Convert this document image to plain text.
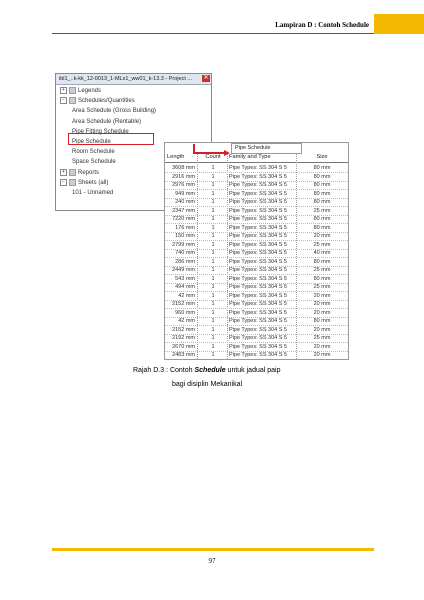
Lampiran D : Contoh Schedule
ibl1_..k-kk_12-0013_1-MLs1_ww01_k-13.3 - Project ... ✕
+ Legends
− Schedules/Quantities
Area Schedule (Gross Building)
Area Schedule (Rentable)
Pipe Fitting Schedule
Pipe Schedule
Room Schedule
Space Schedule
+ Reports
− Sheets (all)
101 - Unnamed
Length	Count	Family and Type	Size
3608 mm	1	Pipe Types: SS 304 S 5	80 mm
2916 mm	1	Pipe Types: SS 304 S 5	80 mm
2976 mm	1	Pipe Types: SS 304 S 5	80 mm
949 mm	1	Pipe Types: SS 304 S 5	80 mm
240 mm	1	Pipe Types: SS 304 S 5	80 mm
2347 mm	1	Pipe Types: SS 304 S 5	25 mm
7220 mm	1	Pipe Types: SS 304 S 5	80 mm
176 mm	1	Pipe Types: SS 304 S 5	80 mm
150 mm	1	Pipe Types: SS 304 S 5	20 mm
2799 mm	1	Pipe Types: SS 304 S 5	25 mm
740 mm	1	Pipe Types: SS 304 S 5	40 mm
286 mm	1	Pipe Types: SS 304 S 5	80 mm
2449 mm	1	Pipe Types: SS 304 S 5	25 mm
543 mm	1	Pipe Types: SS 304 S 5	80 mm
494 mm	1	Pipe Types: SS 304 S 5	25 mm
42 mm	1	Pipe Types: SS 304 S 5	20 mm
2152 mm	1	Pipe Types: SS 304 S 5	20 mm
960 mm	1	Pipe Types: SS 304 S 5	20 mm
42 mm	1	Pipe Types: SS 304 S 5	80 mm
2152 mm	1	Pipe Types: SS 304 S 5	20 mm
2192 mm	1	Pipe Types: SS 304 S 5	25 mm
2670 mm	1	Pipe Types: SS 304 S 5	20 mm
2483 mm	1	Pipe Types: SS 304 S 5	20 mm
Pipe Schedule
Rajah D.3 : Contoh Schedule untuk jadual paip
bagi disiplin Mekanikal
97
